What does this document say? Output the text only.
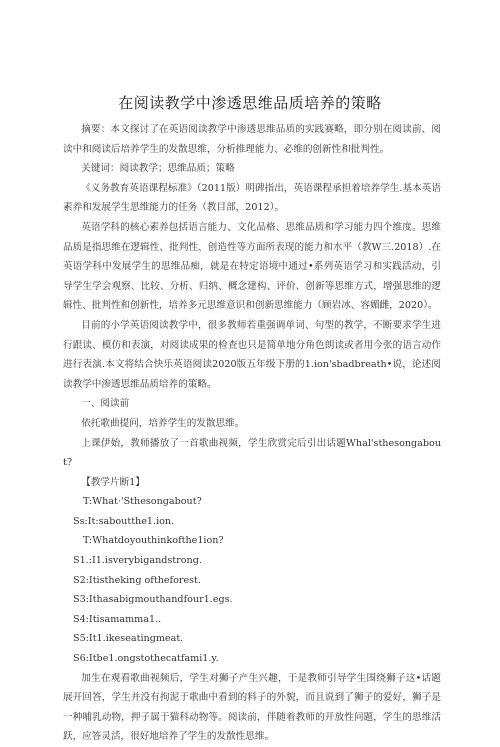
在阅读教学中渗透思维品质培养的策略

摘要：本文探讨了在英语阅读教学中渗透思维品质的实践赛略，即分别在阅读前、阅读中和阅读后培养学生的发散思维，分析推理能力、必维的创新性和批判性。

关键词：阅读教学；思维品质；策略

《义务教育英语课程标准》（2011版）明碑指出，英语课程承担着培养学生.基本英语素养和发展学生思维能力的任务（教目部，2012）。

英语学科的核心素养包括语言能力、文化品格、思维品质和学习能力四个维度。思维品质是指思维在逻辑性、批判性、创造性等方面所表现的能力和水平（教W三.2018）.在英语学科中发展学生的思维品痴，就是在特定语境中通过•系列英语学习和实践活动，引导学生学会观察、比较、分析、归纳、概念建构、评价、创新等思维方式，增强思维的逻辑性、批判性和创新性，培养多元思维意识和创新思维能力（顾岩冰、容媚雌，2020）。

目前的小学英语阅读教学中，很多教师若重强调单词、句型的教学，不断要求学生进行跟读、模仿和表演，对阅读成果的检查也只是简单地分角色朗读或者用今张的语言动作进行表演.本文将结合快乐英语阅读2020版五年级下册的1.ion'sbadbreath•说，论述阅读教学中渗透思维品质培养的策略。

一、阅读前

依托歌曲提问，培养学生的发散思维。

上课伊始，教师播放了一首歌曲视频，学生欣赏完后引出话题Whal'sthesongabout?

【教学片断1】

T:What·'Sthesongabout?

Ss:It:saboutthe1.ion.

T:Whatdoyouthinkofthe1ion?

S1.:I1.isverybigandstrong.

S2:Itistheking oftheforest.

S3:Ithasabigmouthandfour1.egs.

S4:Itisamamma1..

S5:It1.ikeseatingmeat.

S6:Itbe1.ongstothecatfami1.y.

加生在观看歌曲视频后，学生对狮子产生兴趣，于是教师引导学生围绕狮子这•话题展开回答，学生并没有拘泥于歌曲中看到的料子的外貌，而且说到了狮子的爱好，狮子是一种哺乳动物，押子属于猫科动物等。阅读前，伴随着教师的开放性问题，学生的思维活跃，应答灵活，很好地培养了学生的发散性思维。
